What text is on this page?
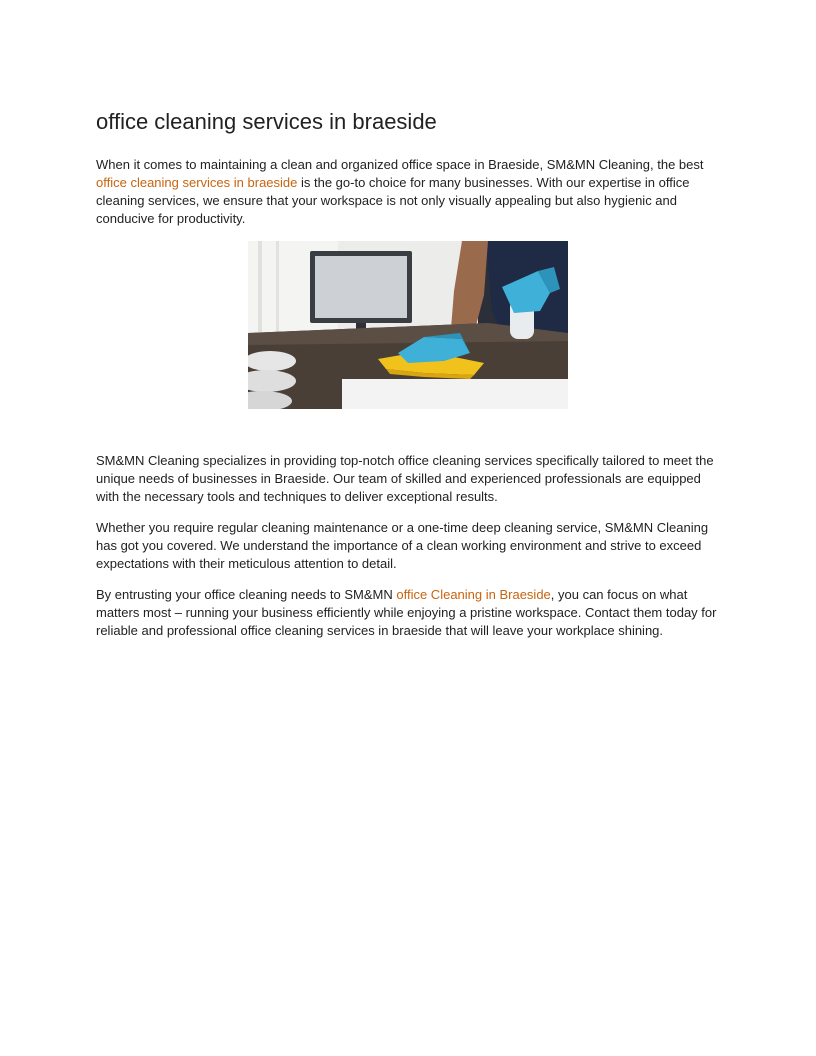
office cleaning services in braeside

When it comes to maintaining a clean and organized office space in Braeside, SM&MN Cleaning, the best office cleaning services in braeside is the go-to choice for many businesses. With our expertise in office cleaning services, we ensure that your workspace is not only visually appealing but also hygienic and conducive for productivity.

SM&MN Cleaning specializes in providing top-notch office cleaning services specifically tailored to meet the unique needs of businesses in Braeside. Our team of skilled and experienced professionals are equipped with the necessary tools and techniques to deliver exceptional results.

Whether you require regular cleaning maintenance or a one-time deep cleaning service, SM&MN Cleaning has got you covered. We understand the importance of a clean working environment and strive to exceed expectations with their meticulous attention to detail.

By entrusting your office cleaning needs to SM&MN office Cleaning in Braeside, you can focus on what matters most – running your business efficiently while enjoying a pristine workspace. Contact them today for reliable and professional office cleaning services in braeside that will leave your workplace shining.
